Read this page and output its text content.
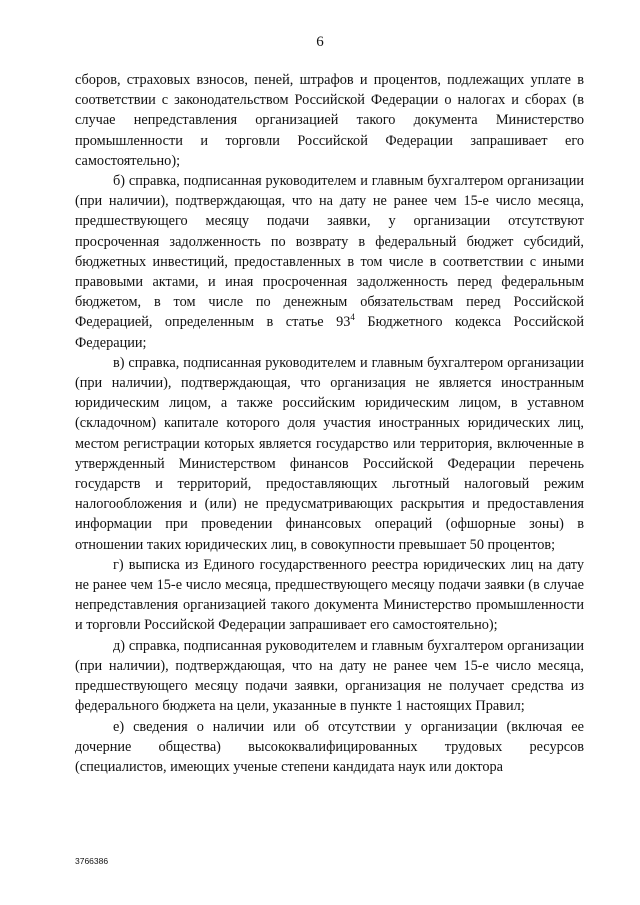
6

сборов, страховых взносов, пеней, штрафов и процентов, подлежащих уплате в соответствии с законодательством Российской Федерации о налогах и сборах (в случае непредставления организацией такого документа Министерство промышленности и торговли Российской Федерации запрашивает его самостоятельно);

б) справка, подписанная руководителем и главным бухгалтером организации (при наличии), подтверждающая, что на дату не ранее чем 15-е число месяца, предшествующего месяцу подачи заявки, у организации отсутствуют просроченная задолженность по возврату в федеральный бюджет субсидий, бюджетных инвестиций, предоставленных в том числе в соответствии с иными правовыми актами, и иная просроченная задолженность перед федеральным бюджетом, в том числе по денежным обязательствам перед Российской Федерацией, определенным в статье $93^4$ Бюджетного кодекса Российской Федерации;

в) справка, подписанная руководителем и главным бухгалтером организации (при наличии), подтверждающая, что организация не является иностранным юридическим лицом, а также российским юридическим лицом, в уставном (складочном) капитале которого доля участия иностранных юридических лиц, местом регистрации которых является государство или территория, включенные в утвержденный Министерством финансов Российской Федерации перечень государств и территорий, предоставляющих льготный налоговый режим налогообложения и (или) не предусматривающих раскрытия и предоставления информации при проведении финансовых операций (офшорные зоны) в отношении таких юридических лиц, в совокупности превышает 50 процентов;

г) выписка из Единого государственного реестра юридических лиц на дату не ранее чем 15-е число месяца, предшествующего месяцу подачи заявки (в случае непредставления организацией такого документа Министерство промышленности и торговли Российской Федерации запрашивает его самостоятельно);

д) справка, подписанная руководителем и главным бухгалтером организации (при наличии), подтверждающая, что на дату не ранее чем 15-е число месяца, предшествующего месяцу подачи заявки, организация не получает средства из федерального бюджета на цели, указанные в пункте 1 настоящих Правил;

е) сведения о наличии или об отсутствии у организации (включая ее дочерние общества) высококвалифицированных трудовых ресурсов (специалистов, имеющих ученые степени кандидата наук или доктора

3766386
